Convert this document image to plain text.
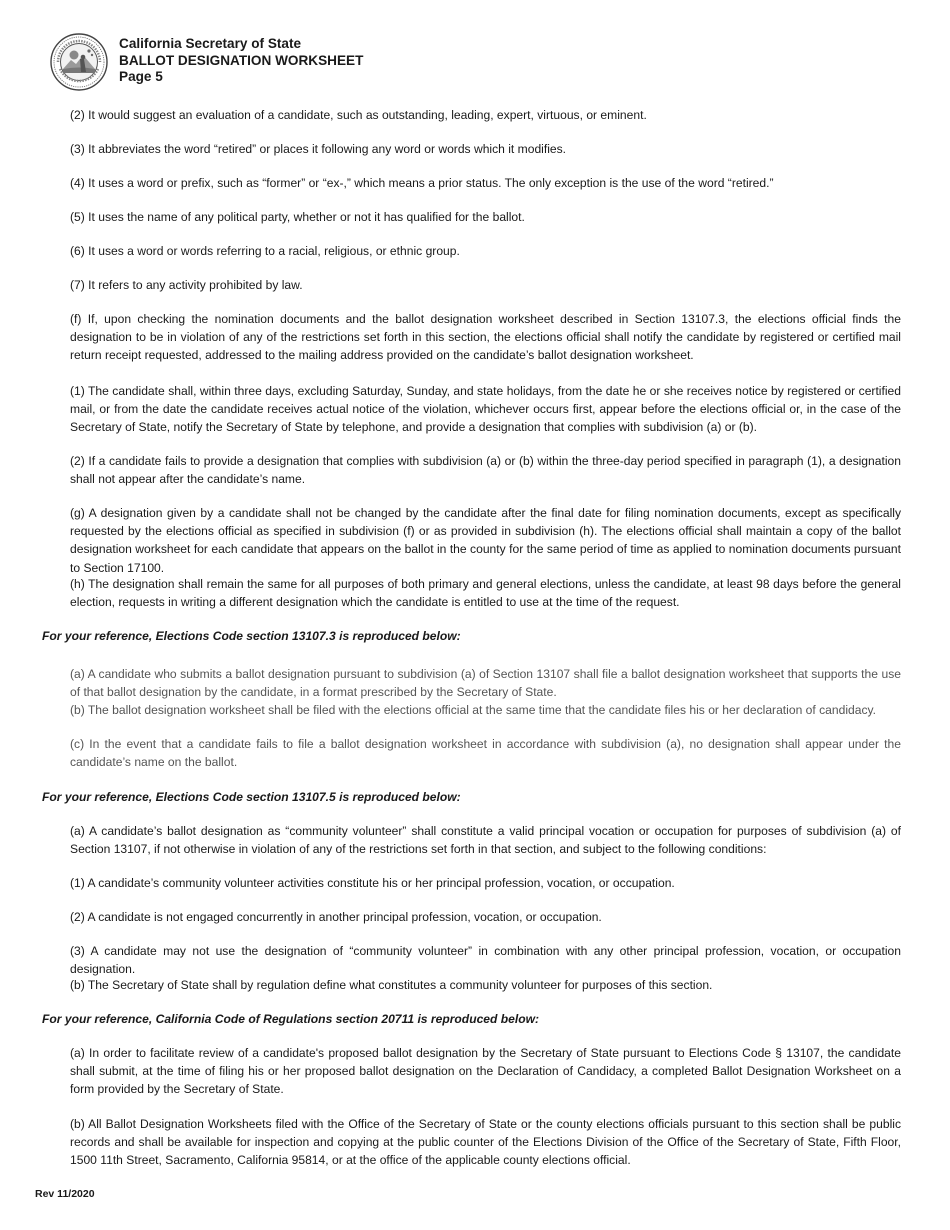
California Secretary of State
BALLOT DESIGNATION WORKSHEET
Page 5
(2) It would suggest an evaluation of a candidate, such as outstanding, leading, expert, virtuous, or eminent.
(3) It abbreviates the word “retired” or places it following any word or words which it modifies.
(4) It uses a word or prefix, such as “former” or “ex-,” which means a prior status. The only exception is the use of the word “retired.”
(5) It uses the name of any political party, whether or not it has qualified for the ballot.
(6) It uses a word or words referring to a racial, religious, or ethnic group.
(7) It refers to any activity prohibited by law.
(f) If, upon checking the nomination documents and the ballot designation worksheet described in Section 13107.3, the elections official finds the designation to be in violation of any of the restrictions set forth in this section, the elections official shall notify the candidate by registered or certified mail return receipt requested, addressed to the mailing address provided on the candidate’s ballot designation worksheet.
(1) The candidate shall, within three days, excluding Saturday, Sunday, and state holidays, from the date he or she receives notice by registered or certified mail, or from the date the candidate receives actual notice of the violation, whichever occurs first, appear before the elections official or, in the case of the Secretary of State, notify the Secretary of State by telephone, and provide a designation that complies with subdivision (a) or (b).
(2) If a candidate fails to provide a designation that complies with subdivision (a) or (b) within the three-day period specified in paragraph (1), a designation shall not appear after the candidate’s name.
(g) A designation given by a candidate shall not be changed by the candidate after the final date for filing nomination documents, except as specifically requested by the elections official as specified in subdivision (f) or as provided in subdivision (h). The elections official shall maintain a copy of the ballot designation worksheet for each candidate that appears on the ballot in the county for the same period of time as applied to nomination documents pursuant to Section 17100.
(h) The designation shall remain the same for all purposes of both primary and general elections, unless the candidate, at least 98 days before the general election, requests in writing a different designation which the candidate is entitled to use at the time of the request.
For your reference, Elections Code section 13107.3 is reproduced below:
(a) A candidate who submits a ballot designation pursuant to subdivision (a) of Section 13107 shall file a ballot designation worksheet that supports the use of that ballot designation by the candidate, in a format prescribed by the Secretary of State.
(b) The ballot designation worksheet shall be filed with the elections official at the same time that the candidate files his or her declaration of candidacy.
(c) In the event that a candidate fails to file a ballot designation worksheet in accordance with subdivision (a), no designation shall appear under the candidate’s name on the ballot.
For your reference, Elections Code section 13107.5 is reproduced below:
(a) A candidate’s ballot designation as “community volunteer” shall constitute a valid principal vocation or occupation for purposes of subdivision (a) of Section 13107, if not otherwise in violation of any of the restrictions set forth in that section, and subject to the following conditions:
(1) A candidate’s community volunteer activities constitute his or her principal profession, vocation, or occupation.
(2) A candidate is not engaged concurrently in another principal profession, vocation, or occupation.
(3) A candidate may not use the designation of “community volunteer” in combination with any other principal profession, vocation, or occupation designation.
(b) The Secretary of State shall by regulation define what constitutes a community volunteer for purposes of this section.
For your reference, California Code of Regulations section 20711 is reproduced below:
(a) In order to facilitate review of a candidate's proposed ballot designation by the Secretary of State pursuant to Elections Code § 13107, the candidate shall submit, at the time of filing his or her proposed ballot designation on the Declaration of Candidacy, a completed Ballot Designation Worksheet on a form provided by the Secretary of State.
(b) All Ballot Designation Worksheets filed with the Office of the Secretary of State or the county elections officials pursuant to this section shall be public records and shall be available for inspection and copying at the public counter of the Elections Division of the Office of the Secretary of State, Fifth Floor, 1500 11th Street, Sacramento, California 95814, or at the office of the applicable county elections official.
Rev 11/2020
